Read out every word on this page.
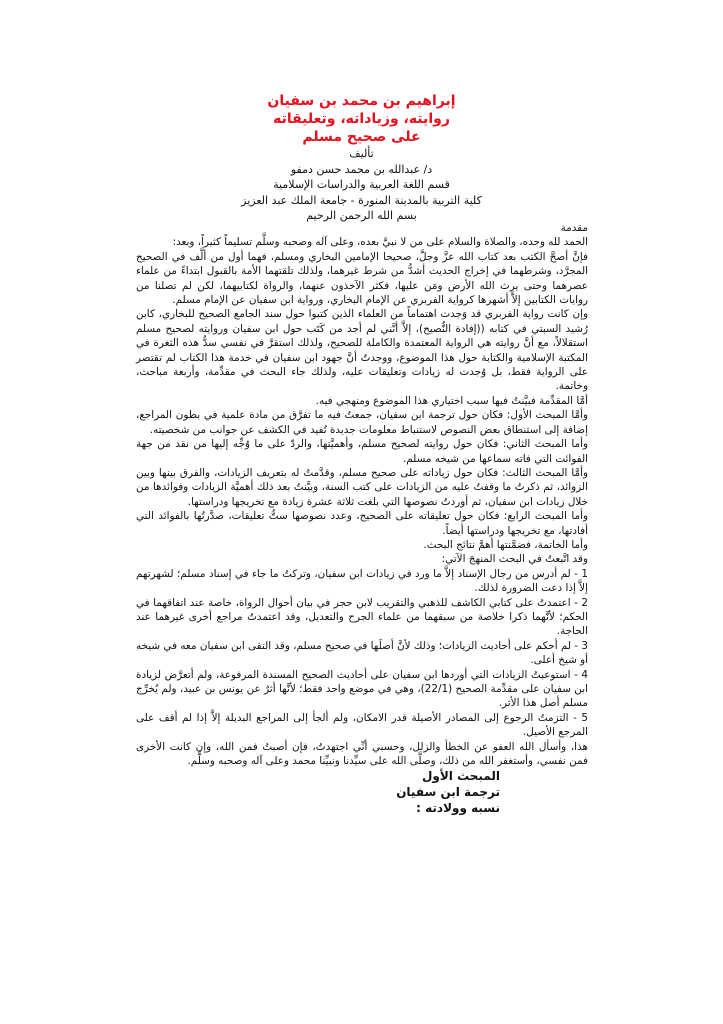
إبراهيم بن محمد بن سفيان

روايته، وزياداته، وتعليقاته

على صحيح مسلم

تأليف

د/ عبدالله بن محمد حسن دمفو

قسم اللغة العربية والدراسات الإسلامية

كلية التربية بالمدينة المنورة - جامعة الملك عبد العزيز

بسم الله الرحمن الرحيم

مقدمة

الحمد لله وحده، والصلاة والسلام على من لا نبيَّ بعده، وعلى آله وصحبه وسلَّم تسليماً كثيراً، وبعد:

فإنَّ أصحَّ الكتب بعد كتاب الله عزَّ وجلَّ، صحيحا الإمامين البخاري ومسلم، فهما أول من ألَّف في الصحيح المجرَّد، وشرطهما في إخراج الحديث أشدُّ من شرط غيرهما، ولذلك تلقتهما الأمة بالقبول ابتداءً من علماء عصرهما وحتى يرث الله الأرض ومَن عليها، فكثر الآخذون عنهما، والرواة لكتابيهما، لكن لم تصلنا من روايات الكتابين إلاَّ أشهرها كرواية الفربري عن الإمام البخاري، ورواية ابن سفيان عن الإمام مسلم.

وإن كانت رواية الفربري قد وَجدت اهتماماً من العلماء الذين كتبوا حول سند الجامع الصحيح للبخاري، كابن رُشيد السبتي في كتابه ((إفادة النُّصيح)، إلاَّ أنَّني لم أجد من كَتَب حول ابن سفيان وروايته لصحيح مسلم استقلالاً، مع أنَّ روايته هي الرواية المعتمدة والكاملة للصحيح، ولذلك استقرَّ في نفسي سدُّ هذه الثغرة في المكتبة الإسلامية والكتابة حول هذا الموضوع، ووجدتُ أنَّ جهود ابن سفيان في خدمة هذا الكتاب لم تقتصر على الرواية فقط، بل وُجدت له زيادات وتعليقات عليه، ولذلك جاء البحث في مقدِّمة، وأربعة مباحث، وخاتمة.

أمَّا المقدِّمة فبيَّنتُ فيها سبب اختياري هذا الموضوع ومنهجي فيه.

وأمَّا المبحث الأول: فكان حول ترجمة ابن سفيان، جمعتُ فيه ما تفرَّق من مادة علمية في بطون المراجع، إضافة إلى استنطاق بعض النصوص لاستنباط معلومات جديدة تُفيد في الكشف عن جوانب من شخصيته.

وأما المبحث الثاني: فكان حول روايته لصحيح مسلم، وأهميَّتها، والردّ على ما وُجِّه إليها من نقد من جهة الفوائت التي فاته سماعها من شيخه مسلم.

وأمَّا المبحث الثالث: فكان حول زياداته على صحيح مسلم، وقدَّمتُ له بتعريف الزيادات، والفرق بينها وبين الزوائد، ثم ذكرتُ ما وقفتُ عليه من الزيادات على كتب السنة، وبيَّنتُ بعد ذلك أهميَّة الزيادات وفوائدها من خلال زيادات ابن سفيان، ثم أوردتُ نصوصها التي بلغت ثلاثة عشرة زيادة مع تخريجها ودراستها.

وأما المبحث الرابع: فكان حول تعليقاته على الصحيح، وعدد نصوصها ستُّ تعليقات، صدَّرتُها بالفوائد التي أفادتها، مع تخريجها ودراستها أيضاً.

وأما الخاتمة، فضمَّنتها أهمَّ نتائج البحث.

وقد اتَّبعتُ في البحث المنهجَ الآتي:

1 - لم أدرس من رجال الإسناد إلاَّ ما ورد في زيادات ابن سفيان، وتركتُ ما جاء في إسناد مسلم؛ لشهرتهم إلاَّ إذا دعت الضرورة لذلك.

2 - اعتمدتُ على كتابي الكاشف للذهبي والتقريب لابن حجر في بيان أحوال الرواة، خاصة عند اتفاقهما في الحكم؛ لأنَّهما ذكرا خلاصة من سبقهما من علماء الجرح والتعديل، وقد اعتمدتُ مراجع أخرى غيرهما عند الحاجة.

3 - لم أحكم على أحاديث الزيادات؛ وذلك لأنَّ أصلَها في صحيح مسلم، وقد التقى ابن سفيان معه في شيخه أو شيخ أعلى.

4 - استوعبتُ الزيادات التي أوردها ابن سفيان على أحاديث الصحيح المسندة المرفوعة، ولم أتعرَّض لزيادة ابن سفيان على مقدِّمة الصحيح (22/1)، وهي في موضع واحد فقط؛ لأنَّها أثرٌ عن يونس بن عبيد، ولم يُخرِّج مسلم أصل هذا الأثر.

5 - التزمتُ الرجوع إلى المصادر الأصيلة قدر الامكان، ولم ألجأ إلى المراجع البديلة إلاَّ إذا لم أقف على المرجع الأصيل.

هذا، وأسأل الله العفو عن الخطأ والزلل، وحسبي أنِّي اجتهدتُ، فإن أصبتُ فمن الله، وإن كانت الأخرى فمن نفسي، وأستغفر الله من ذلك، وصلَّى الله على سيِّدنا ونبيِّنا محمد وعلى آله وصحبه وسلَّم.

المبحث الأول

ترجمة ابن سفيان

نسبه وولادته :
